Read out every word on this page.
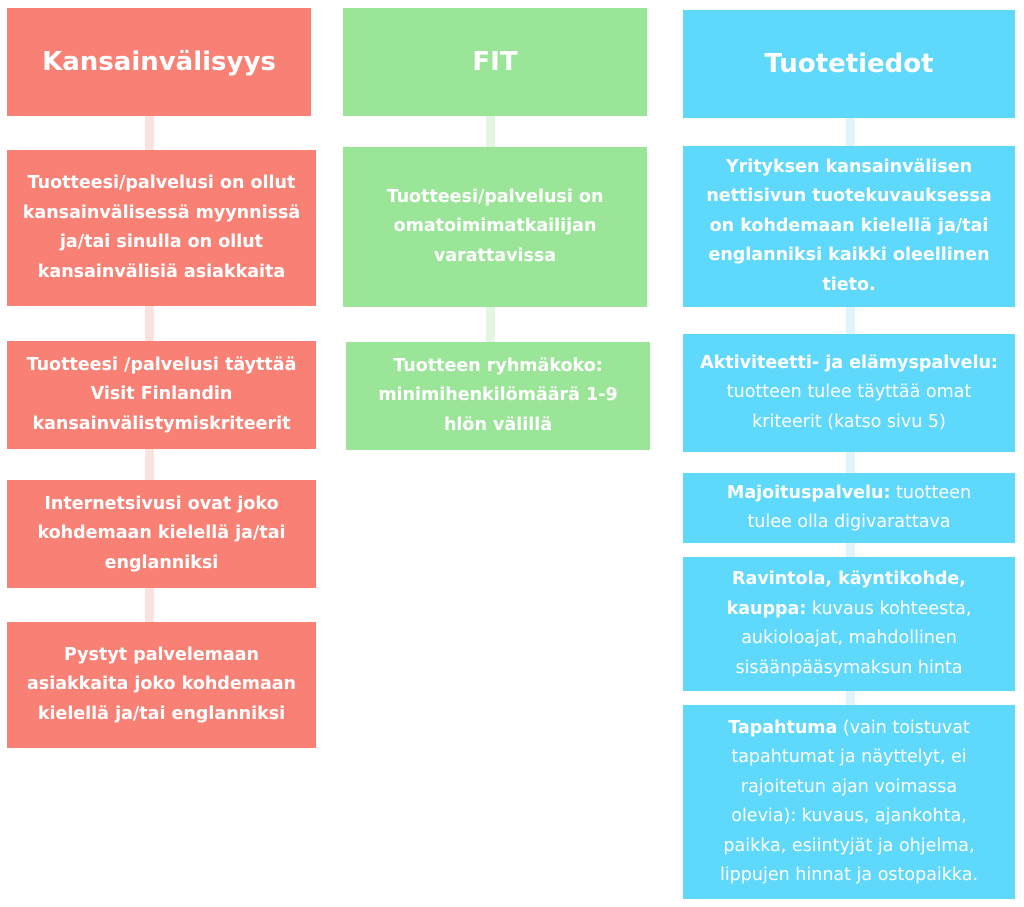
Kansainvälisyys

Tuotteesi/palvelusi on ollut kansainvälisessä myynnissä ja/tai sinulla on ollut kansainvälisiä asiakkaita

Tuotteesi /palvelusi täyttää Visit Finlandin kansainvälistymiskriteerit

Internetsivusi ovat joko kohdemaan kielellä ja/tai englanniksi

Pystyt palvelemaan asiakkaita joko kohdemaan kielellä ja/tai englanniksi

FIT

Tuotteesi/palvelusi on omatoimimatkailijan varattavissa

Tuotteen ryhmäkoko: minimihenkilömäärä 1-9 hlön välillä

Tuotetiedot

Yrityksen kansainvälisen nettisivun tuotekuvauksessa on kohdemaan kielellä ja/tai englanniksi kaikki oleellinen tieto.

Aktiviteetti- ja elämyspalvelu: tuotteen tulee täyttää omat kriteerit (katso sivu 5)

Majoituspalvelu: tuotteen tulee olla digivarattava

Ravintola, käyntikohde, kauppa: kuvaus kohteesta, aukioloajat, mahdollinen sisäänpääsymaksun hinta

Tapahtuma (vain toistuvat tapahtumat ja näyttelyt, ei rajoitetun ajan voimassa olevia): kuvaus, ajankohta, paikka, esiintyjät ja ohjelma, lippujen hinnat ja ostopaikka.
